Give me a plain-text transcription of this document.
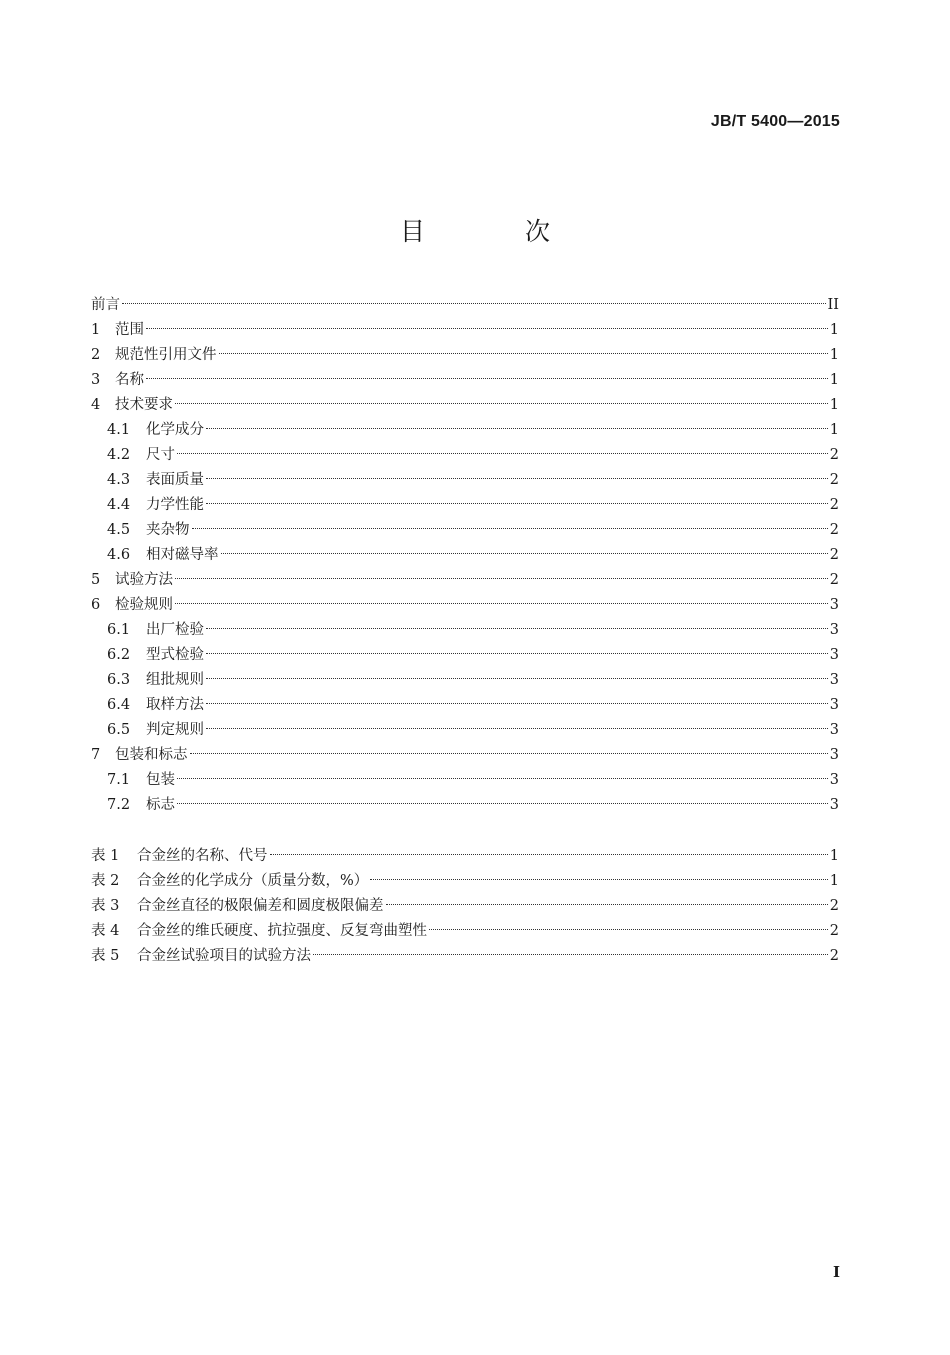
JB/T 5400—2015
目 次
前言	II
1	范围	1
2	规范性引用文件	1
3	名称	1
4	技术要求	1
4.1	化学成分	1
4.2	尺寸	2
4.3	表面质量	2
4.4	力学性能	2
4.5	夹杂物	2
4.6	相对磁导率	2
5	试验方法	2
6	检验规则	3
6.1	出厂检验	3
6.2	型式检验	3
6.3	组批规则	3
6.4	取样方法	3
6.5	判定规则	3
7	包装和标志	3
7.1	包装	3
7.2	标志	3
表 1	合金丝的名称、代号	1
表 2	合金丝的化学成分（质量分数，%）	1
表 3	合金丝直径的极限偏差和圆度极限偏差	2
表 4	合金丝的维氏硬度、抗拉强度、反复弯曲塑性	2
表 5	合金丝试验项目的试验方法	2
I
